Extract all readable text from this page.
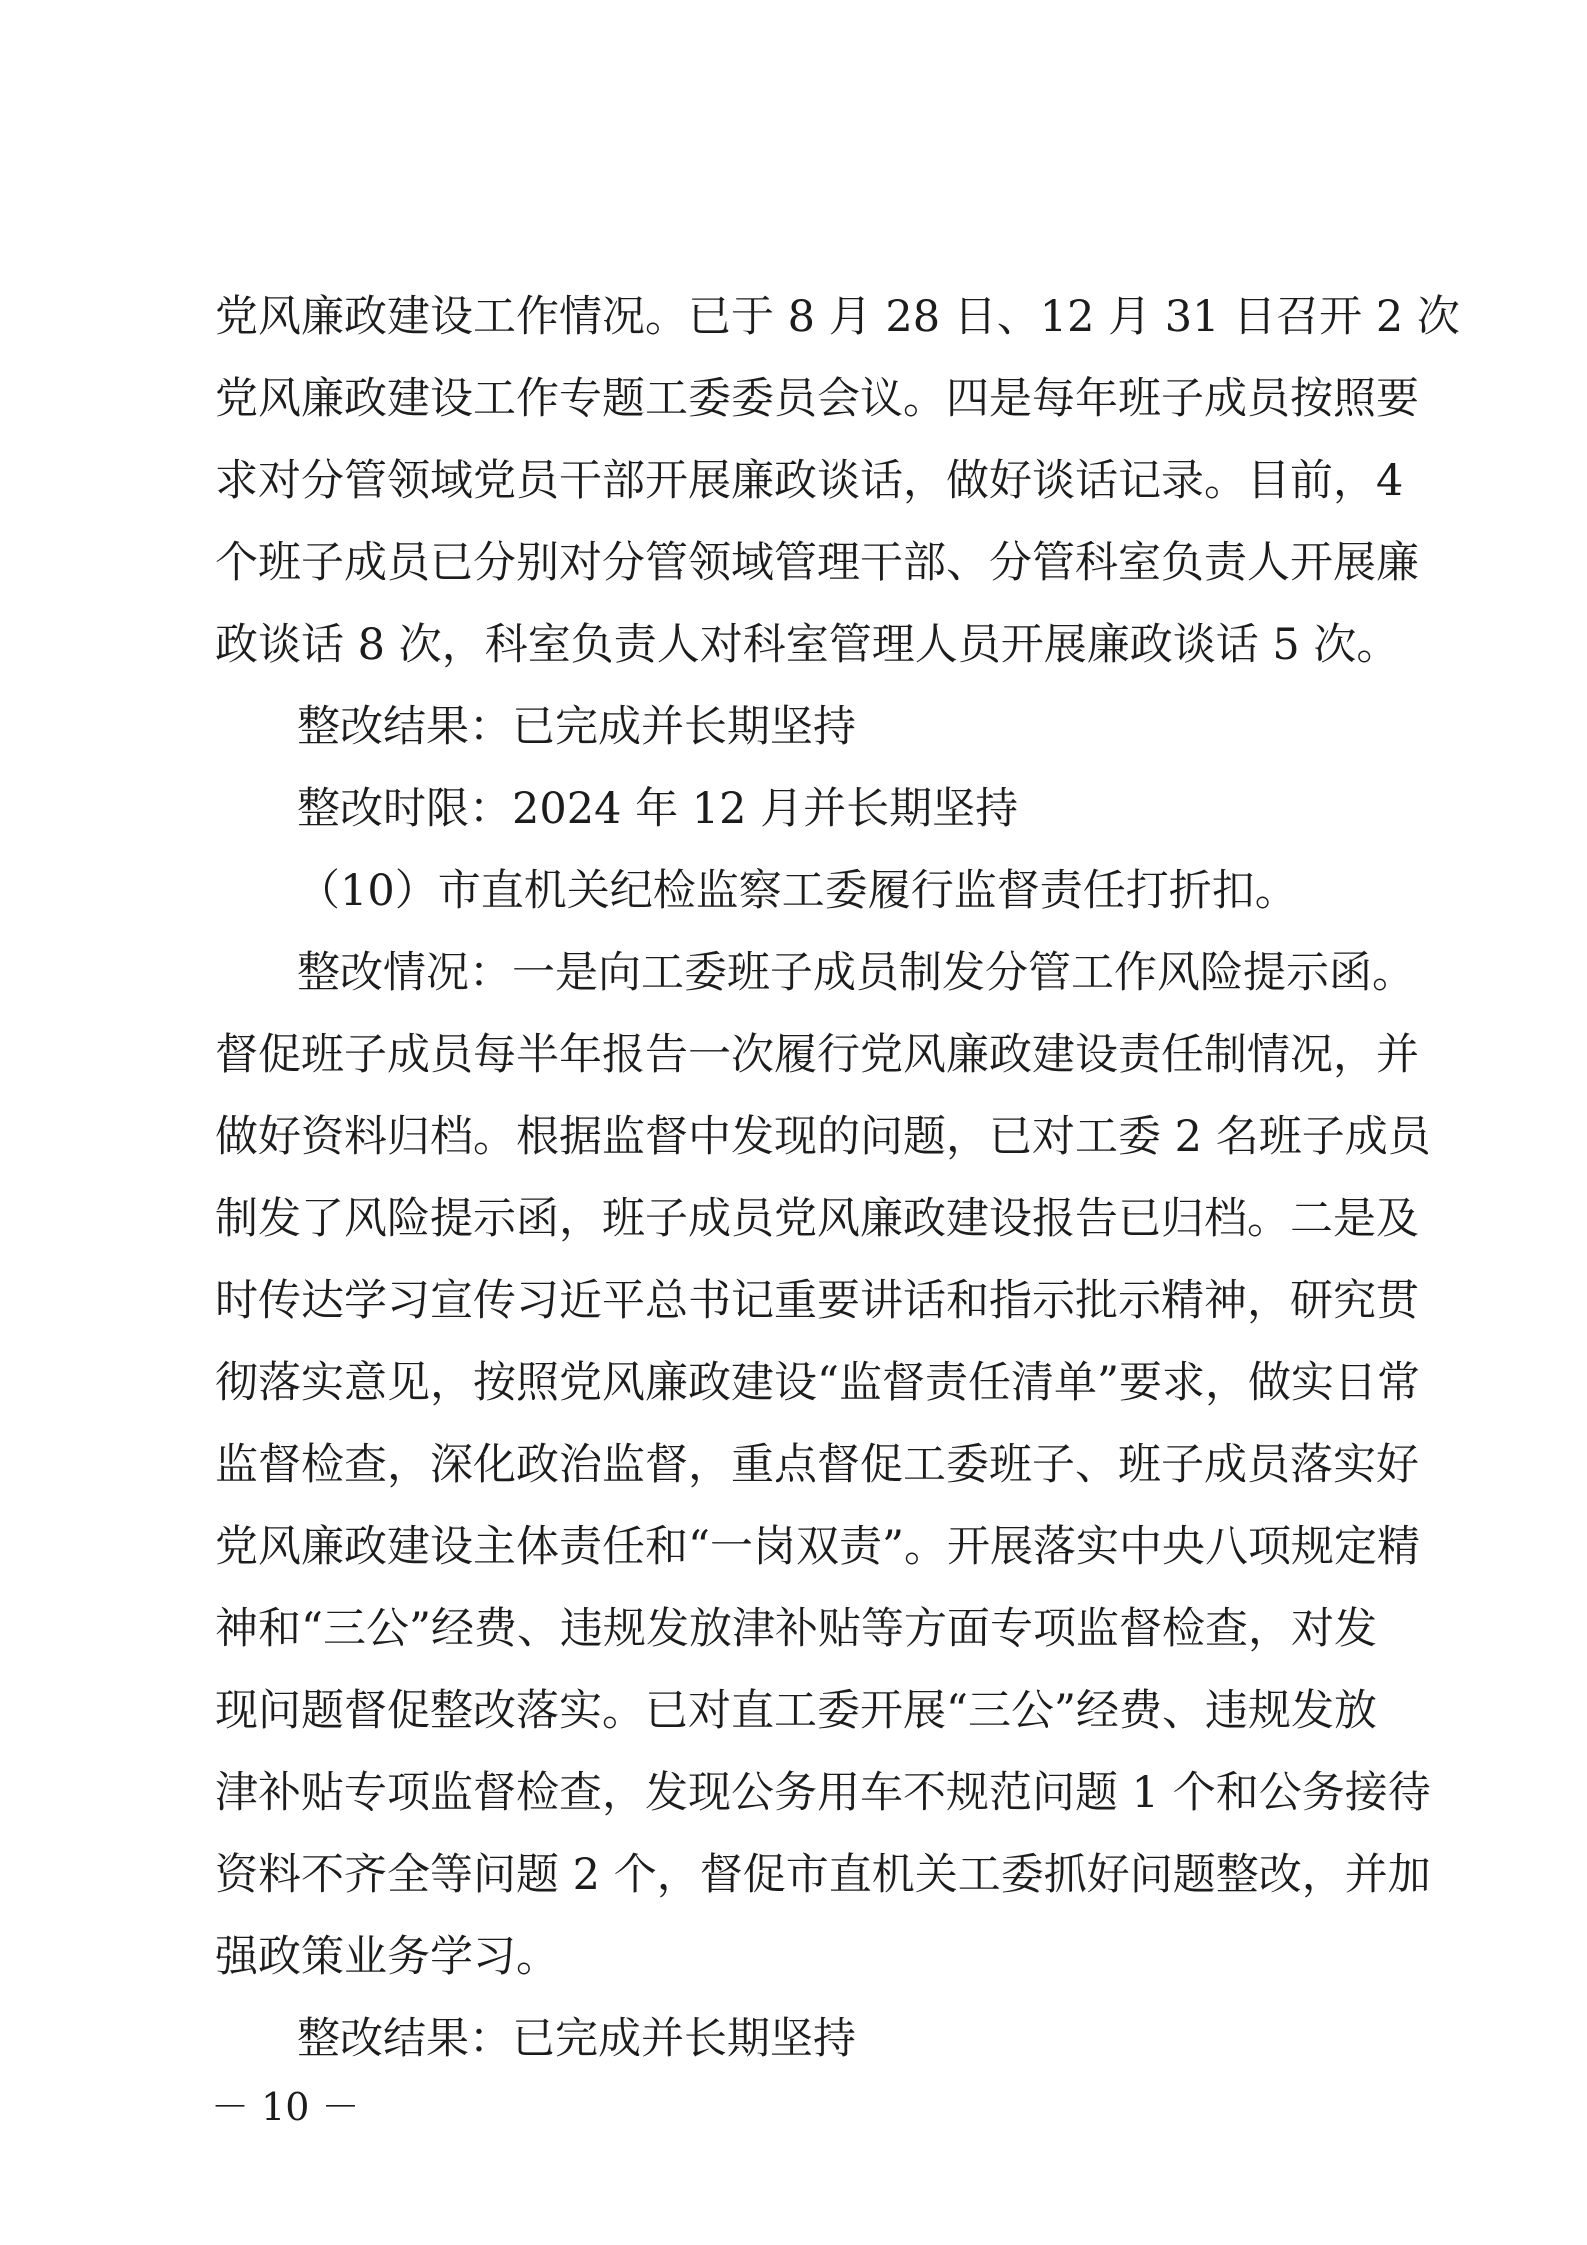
党风廉政建设工作情况。已于 8 月 28 日、12 月 31 日召开 2 次
党风廉政建设工作专题工委委员会议。四是每年班子成员按照要
求对分管领域党员干部开展廉政谈话，做好谈话记录。目前，4
个班子成员已分别对分管领域管理干部、分管科室负责人开展廉
政谈话 8 次，科室负责人对科室管理人员开展廉政谈话 5 次。
整改结果：已完成并长期坚持
整改时限：2024 年 12 月并长期坚持
（10）市直机关纪检监察工委履行监督责任打折扣。
整改情况：一是向工委班子成员制发分管工作风险提示函。
督促班子成员每半年报告一次履行党风廉政建设责任制情况，并
做好资料归档。根据监督中发现的问题，已对工委 2 名班子成员
制发了风险提示函，班子成员党风廉政建设报告已归档。二是及
时传达学习宣传习近平总书记重要讲话和指示批示精神，研究贯
彻落实意见，按照党风廉政建设“监督责任清单”要求，做实日常
监督检查，深化政治监督，重点督促工委班子、班子成员落实好
党风廉政建设主体责任和“一岗双责”。开展落实中央八项规定精
神和“三公”经费、违规发放津补贴等方面专项监督检查，对发
现问题督促整改落实。已对直工委开展“三公”经费、违规发放
津补贴专项监督检查，发现公务用车不规范问题 1 个和公务接待
资料不齐全等问题 2 个，督促市直机关工委抓好问题整改，并加
强政策业务学习。
整改结果：已完成并长期坚持
－ 10 －
